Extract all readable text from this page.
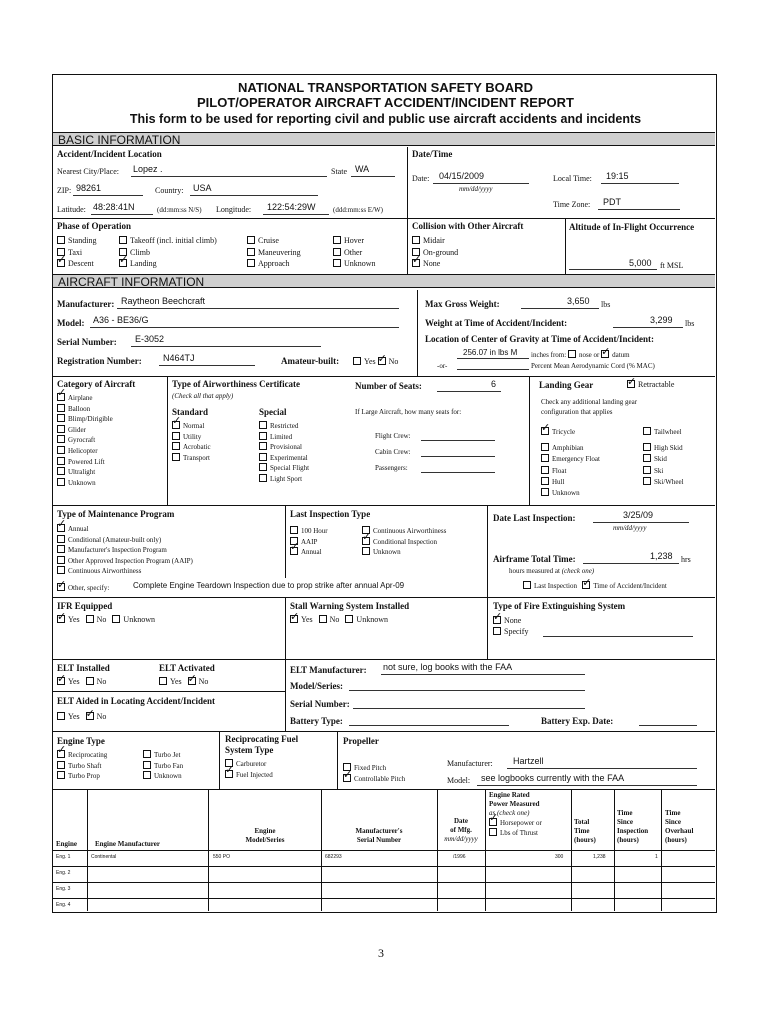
NATIONAL TRANSPORTATION SAFETY BOARD
PILOT/OPERATOR AIRCRAFT ACCIDENT/INCIDENT REPORT
This form to be used for reporting civil and public use aircraft accidents and incidents
BASIC INFORMATION
Accident/Incident Location
Nearest City/Place: Lopez .	State WA
ZIP: 98261	Country: USA
Latitude: 48:28:41N	(dd:mm:ss N/S) Longitude: 122:54:29W (ddd:mm:ss E/W)
Date/Time
Date: 04/15/2009
mm/dd/yyyy
Local Time: 19:15
Time Zone: PDT
Phase of Operation
Standing
Taxi
✓Descent
Takeoff (incl. initial climb)
Climb
✓Landing
Cruise
Maneuvering
Approach
Hover
Other
Unknown
Collision with Other Aircraft
Midair
On-ground
✓None
Altitude of In-Flight Occurrence
5,000 ft MSL
AIRCRAFT INFORMATION
Manufacturer: Raytheon Beechcraft
Model: A36 - BE36/G
Serial Number: E-3052
Registration Number: N464TJ	Amateur-built:	Yes ✓ No
Max Gross Weight:	3,650 lbs
Weight at Time of Accident/Incident:	3,299 lbs
Location of Center of Gravity at Time of Accident/Incident:
256.07 in lbs M inches from: nose or ✓ datum
-or-	Percent Mean Aerodynamic Cord (% MAC)
Category of Aircraft
✓Airplane
Balloon
Blimp/Dirigible
Glider
Gyrocraft
Helicopter
Powered Lift
Ultralight
Unknown
Type of Airworthiness Certificate
(Check all that apply)
Standard
✓Normal
Utility
Acrobatic
Transport
Special
Restricted
Limited
Provisional
Experimental
Special Flight
Light Sport
Number of Seats:	6
If Large Aircraft, how many seats for:
Flight Crew:
Cabin Crew:
Passengers:
Landing Gear ✓	Retractable
Check any additional landing gear
configuration that applies
✓Tricycle
Amphibian
Emergency Float
Float
Hull
Unknown
Tailwheel
High Skid
Skid
Ski
Ski/Wheel
Type of Maintenance Program
✓Annual
Conditional (Amateur-built only)
Manufacturer's Inspection Program
Other Approved Inspection Program (AAIP)
Continuous Airworthiness
✓Other, specify:	Complete Engine Teardown Inspection due to prop strike after annual Apr-09
Last Inspection Type
100 Hour
AAIP
✓Annual
Continuous Airworthiness
✓Conditional Inspection
Unknown
Date Last Inspection:	3/25/09
mm/dd/yyyy
Airframe Total Time:	1,238 hrs
hours measured at (check one)
Last Inspection ✓ Time of Accident/Incident
IFR Equipped
✓Yes No Unknown
Stall Warning System Installed
✓Yes No Unknown
Type of Fire Extinguishing System
✓None
Specify
ELT Installed
✓Yes No
ELT Activated
Yes ✓ No
ELT Aided in Locating Accident/Incident
Yes ✓ No
ELT Manufacturer: not sure, log books with the FAA
Model/Series:
Serial Number:
Battery Type:	Battery Exp. Date:
Engine Type
✓Reciprocating
Turbo Shaft
Turbo Prop
Turbo Jet
Turbo Fan
Unknown
Reciprocating Fuel
System Type
Carburetor
✓Fuel Injected
Propeller
Fixed Pitch
✓Controllable Pitch
Manufacturer: Hartzell
Model: see logbooks currently with the FAA
Engine	Engine Manufacturer
Engine
Model/Series
Manufacturer's
Serial Number
Date
of Mfg.
mm/dd/yyyy
Engine Rated
Power Measured
as (check one)
✓Horsepower or
Lbs of Thrust
Total
Time
(hours)
Time
Since
Inspection
(hours)
Time
Since
Overhaul
(hours)
Eng. 1	Continental	550 PO	682293	/1996	300	1,238	1
Eng. 2
Eng. 3
Eng. 4
3
